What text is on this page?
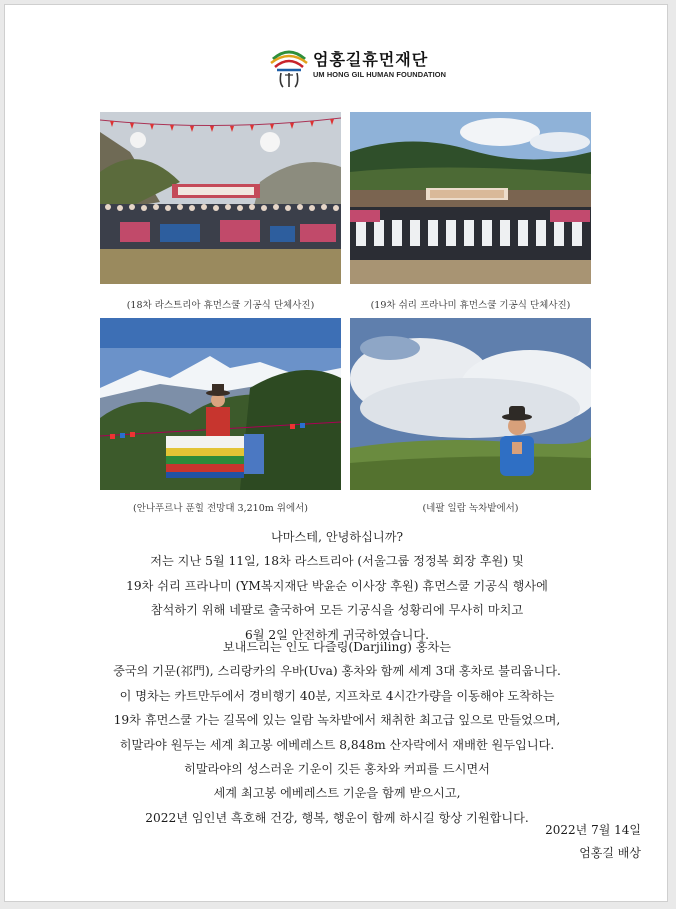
엄홍길휴먼재단
UM HONG GIL HUMAN FOUNDATION
(18차 라스트리아 휴먼스쿨 기공식 단체사진)	(19차 쉬리 프라나미 휴먼스쿨 기공식 단체사진)
(안나푸르나 푼힐 전망대 3,210m 위에서)	(네팔 일람 녹차밭에서)
나마스테, 안녕하십니까?
저는 지난 5월 11일, 18차 라스트리아 (서울그룹 정정복 회장 후원) 및
19차 쉬리 프라나미 (YM복지재단 박윤순 이사장 후원) 휴먼스쿨 기공식 행사에
참석하기 위해 네팔로 출국하여 모든 기공식을 성황리에 무사히 마치고
6월 2일 안전하게 귀국하였습니다.
보내드리는 인도 다즐링(Darjiling) 홍차는
중국의 기문(祁門), 스리랑카의 우바(Uva) 홍차와 함께 세계 3대 홍차로 불리웁니다.
이 명차는 카트만두에서 경비행기 40분, 지프차로 4시간가량을 이동해야 도착하는
19차 휴먼스쿨 가는 길목에 있는 일람 녹차밭에서 채취한 최고급 잎으로 만들었으며,
히말라야 원두는 세계 최고봉 에베레스트 8,848m 산자락에서 재배한 원두입니다.
히말라야의 성스러운 기운이 깃든 홍차와 커피를 드시면서
세계 최고봉 에베레스트 기운을 함께 받으시고,
2022년 임인년 흑호해 건강, 행복, 행운이 함께 하시길 항상 기원합니다.
2022년 7월 14일
엄홍길 배상
